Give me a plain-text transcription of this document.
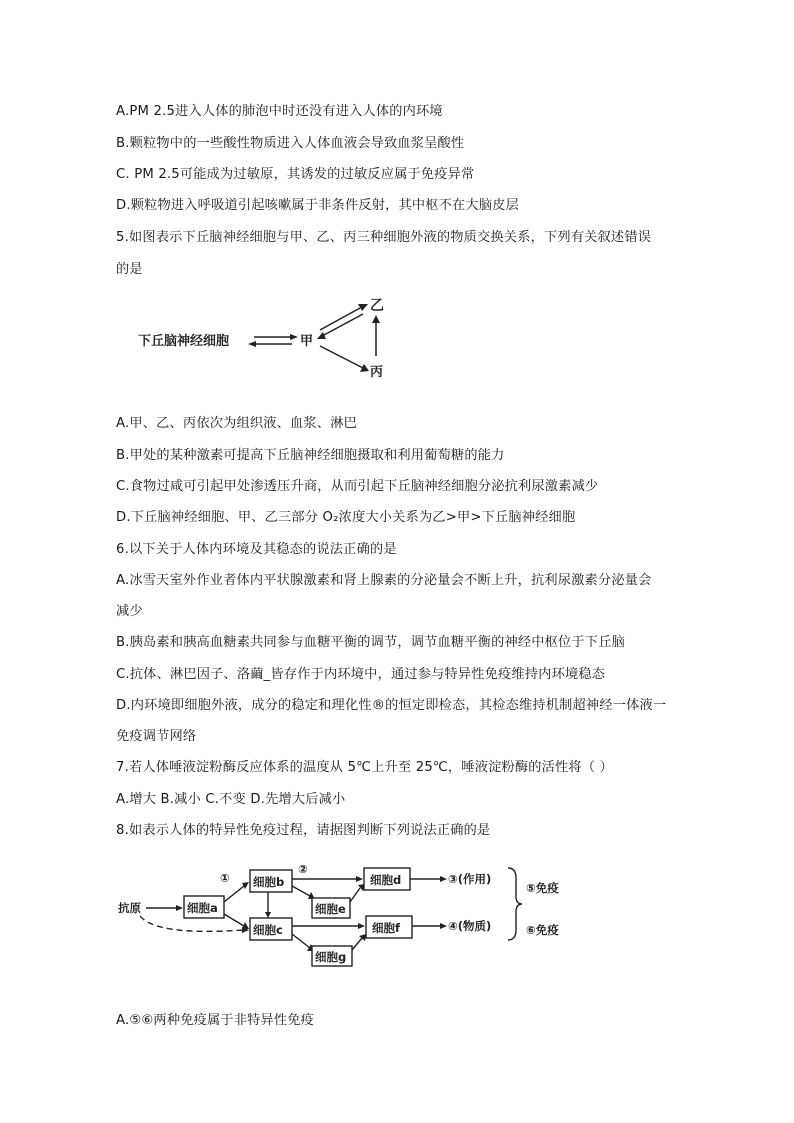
A.PM 2.5进入人体的肺泡中时还没有进入人体的内环境
B.颗粒物中的一些酸性物质进入人体血液会导致血浆呈酸性
C. PM 2.5可能成为过敏原，其诱发的过敏反应属于免疫异常
D.颗粒物进入呼吸道引起咳嗽属于非条件反射，其中枢不在大脑皮层
5.如图表示下丘脑神经细胞与甲、乙、丙三种细胞外液的物质交换关系，下列有关叙述错误
的是
下丘脑神经细胞	甲
乙
丙
A.甲、乙、丙依次为组织液、血浆、淋巴
B.甲处的某种激素可提高下丘脑神经细胞摄取和利用葡萄糖的能力
C.食物过咸可引起甲处渗透压升商，从而引起下丘脑神经细胞分泌抗利尿激素减少
D.下丘脑神经细胞、甲、乙三部分 O₂浓度大小关系为乙>甲>下丘脑神经细胞
6.以下关于人体内环境及其稳态的说法正确的是
A.冰雪天室外作业者体内平状腺激素和肾上腺素的分泌量会不断上升，抗利尿激素分泌量会
减少
B.胰岛素和胰高血糖素共同参与血糖平衡的调节，调节血糖平衡的神经中枢位于下丘脑
C.抗体、淋巴因子、洛繭_皆存作于内环境中，通过参与特异性免疫维持内环境稳态
D.内环境即细胞外液，成分的稳定和理化性®的恒定即检态，其检态维持机制超神经一体液一
免疫调节网络
7.若人体唾液淀粉酶反应体系的温度从 5℃上升至 25℃，唾液淀粉酶的活性将（ ）
A.增大 B.减小 C.不变 D.先增大后减小
8.如表示人体的特异性免疫过程，请据图判断下列说法正确的是
抗原	细胞a
① 细胞b
细胞c
②
细胞e
细胞d	③(作用)
细胞g
细胞f	④(物质)
⑤免疫
⑥免疫
A.⑤⑥两种免疫属于非特异性免疫
